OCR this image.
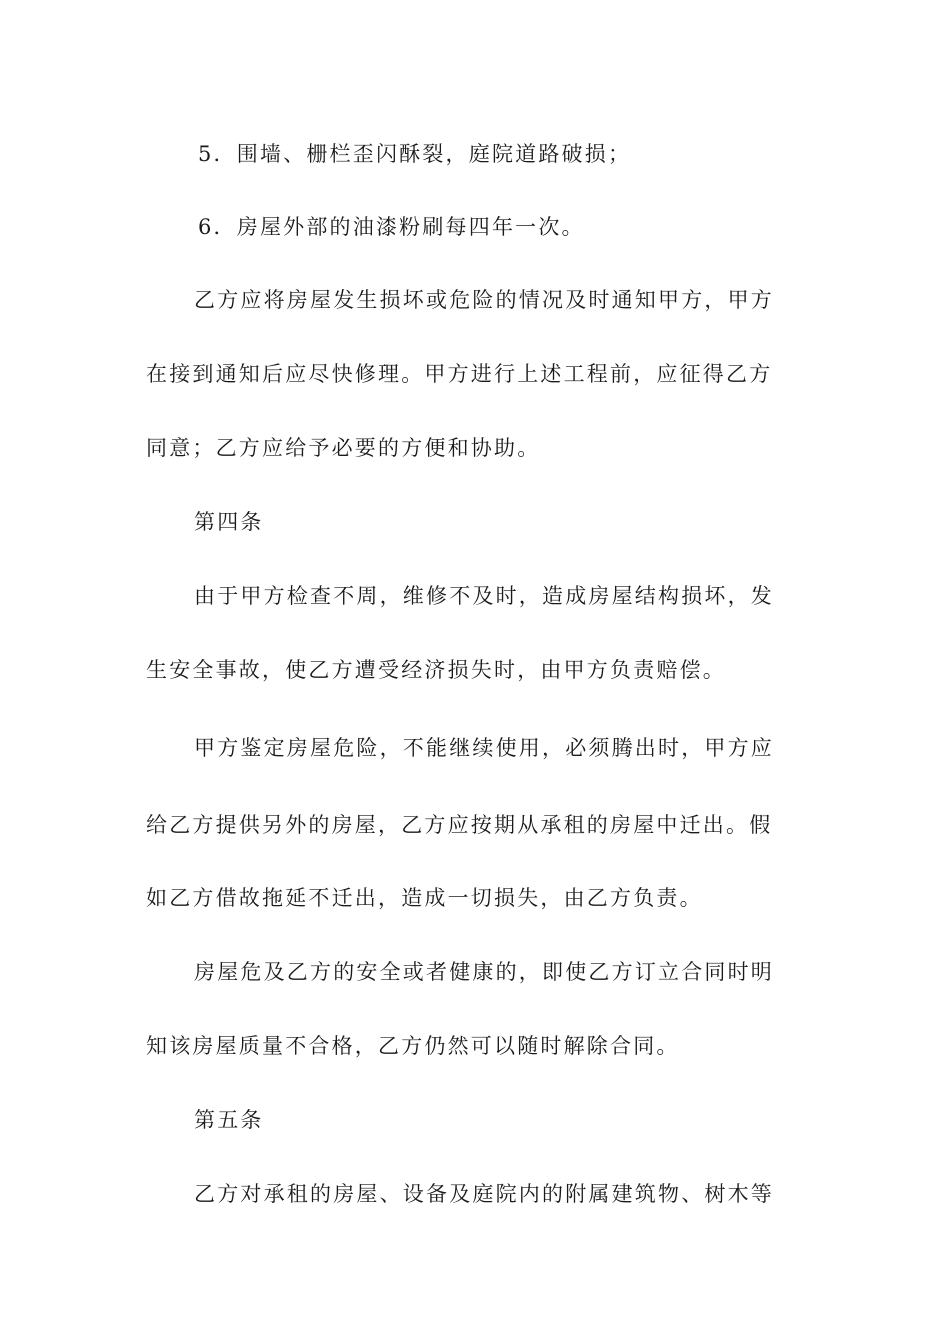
5．围墙、栅栏歪闪酥裂，庭院道路破损；
6．房屋外部的油漆粉刷每四年一次。
乙方应将房屋发生损坏或危险的情况及时通知甲方，甲方
在接到通知后应尽快修理。甲方进行上述工程前，应征得乙方
同意；乙方应给予必要的方便和协助。
第四条
由于甲方检查不周，维修不及时，造成房屋结构损坏，发
生安全事故，使乙方遭受经济损失时，由甲方负责赔偿。
甲方鉴定房屋危险，不能继续使用，必须腾出时，甲方应
给乙方提供另外的房屋，乙方应按期从承租的房屋中迁出。假
如乙方借故拖延不迁出，造成一切损失，由乙方负责。
房屋危及乙方的安全或者健康的，即使乙方订立合同时明
知该房屋质量不合格，乙方仍然可以随时解除合同。
第五条
乙方对承租的房屋、设备及庭院内的附属建筑物、树木等
